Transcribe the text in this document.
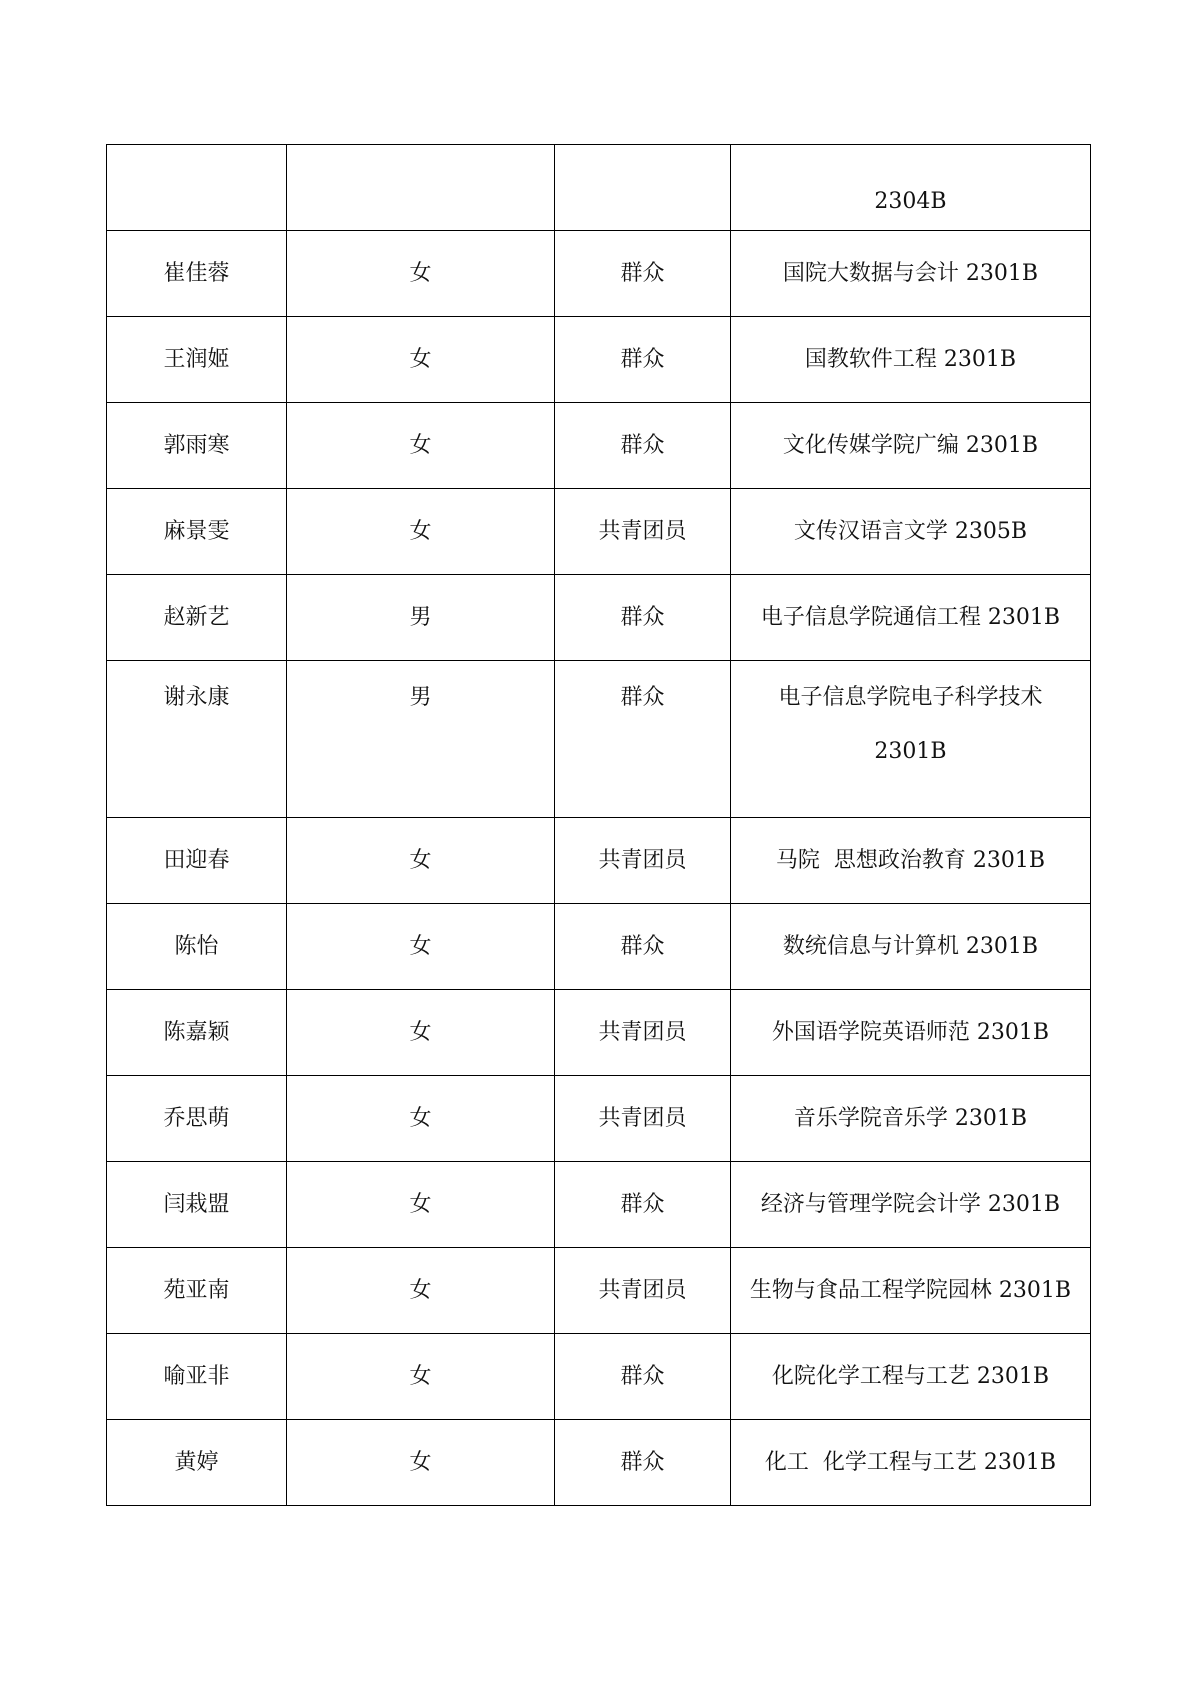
			2304B

崔佳蓉	女	群众	国院大数据与会计 2301B
王润姬	女	群众	国教软件工程 2301B
郭雨寒	女	群众	文化传媒学院广编 2301B
麻景雯	女	共青团员	文传汉语言文学 2305B
赵新艺	男	群众	电子信息学院通信工程 2301B

谢永康	男	群众	电子信息学院电子科学技术
2301B

田迎春	女	共青团员	马院  思想政治教育 2301B
陈怡	女	群众	数统信息与计算机 2301B
陈嘉颖	女	共青团员	外国语学院英语师范 2301B
乔思萌	女	共青团员	音乐学院音乐学 2301B
闫栽盟	女	群众	经济与管理学院会计学 2301B
苑亚南	女	共青团员	生物与食品工程学院园林 2301B
喻亚非	女	群众	化院化学工程与工艺 2301B
黄婷	女	群众	化工  化学工程与工艺 2301B
